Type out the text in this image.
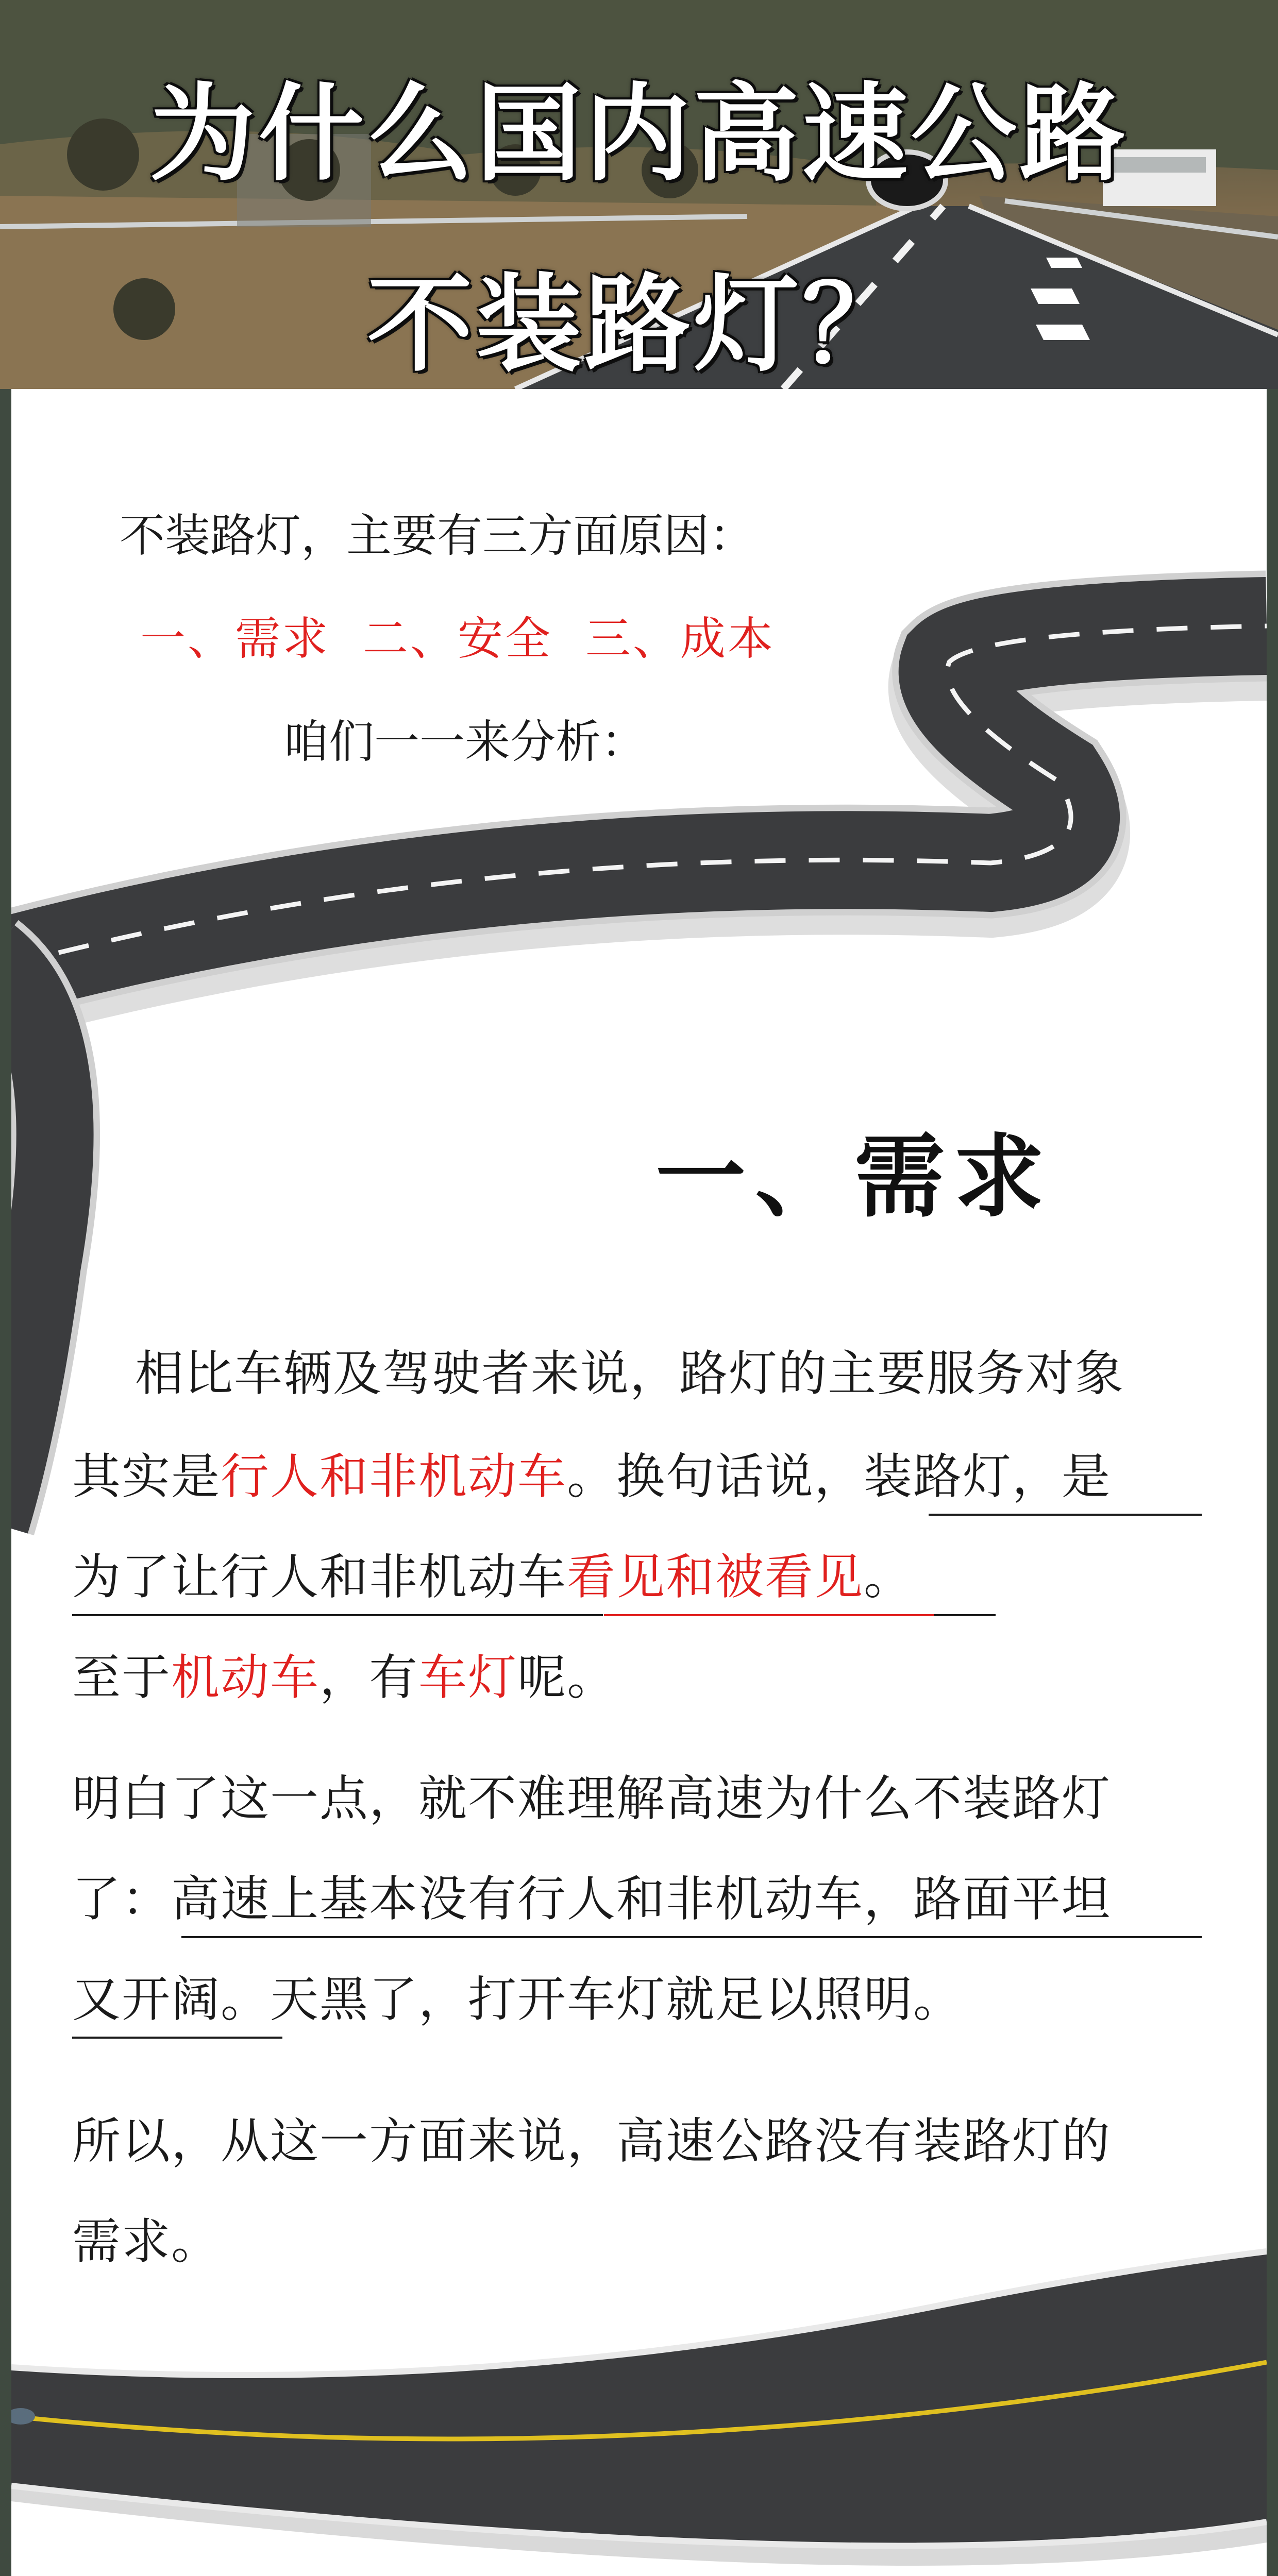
为什么国内高速公路
不装路灯？
不装路灯，主要有三方面原因：
一、需求  二、安全  三、成本
咱们一一来分析：
一、需求
相比车辆及驾驶者来说，路灯的主要服务对象
其实是行人和非机动车。换句话说，装路灯，是
为了让行人和非机动车看见和被看见。
至于机动车，有车灯呢。
明白了这一点，就不难理解高速为什么不装路灯
了：高速上基本没有行人和非机动车，路面平坦
又开阔。天黑了，打开车灯就足以照明。
所以，从这一方面来说，高速公路没有装路灯的
需求。
